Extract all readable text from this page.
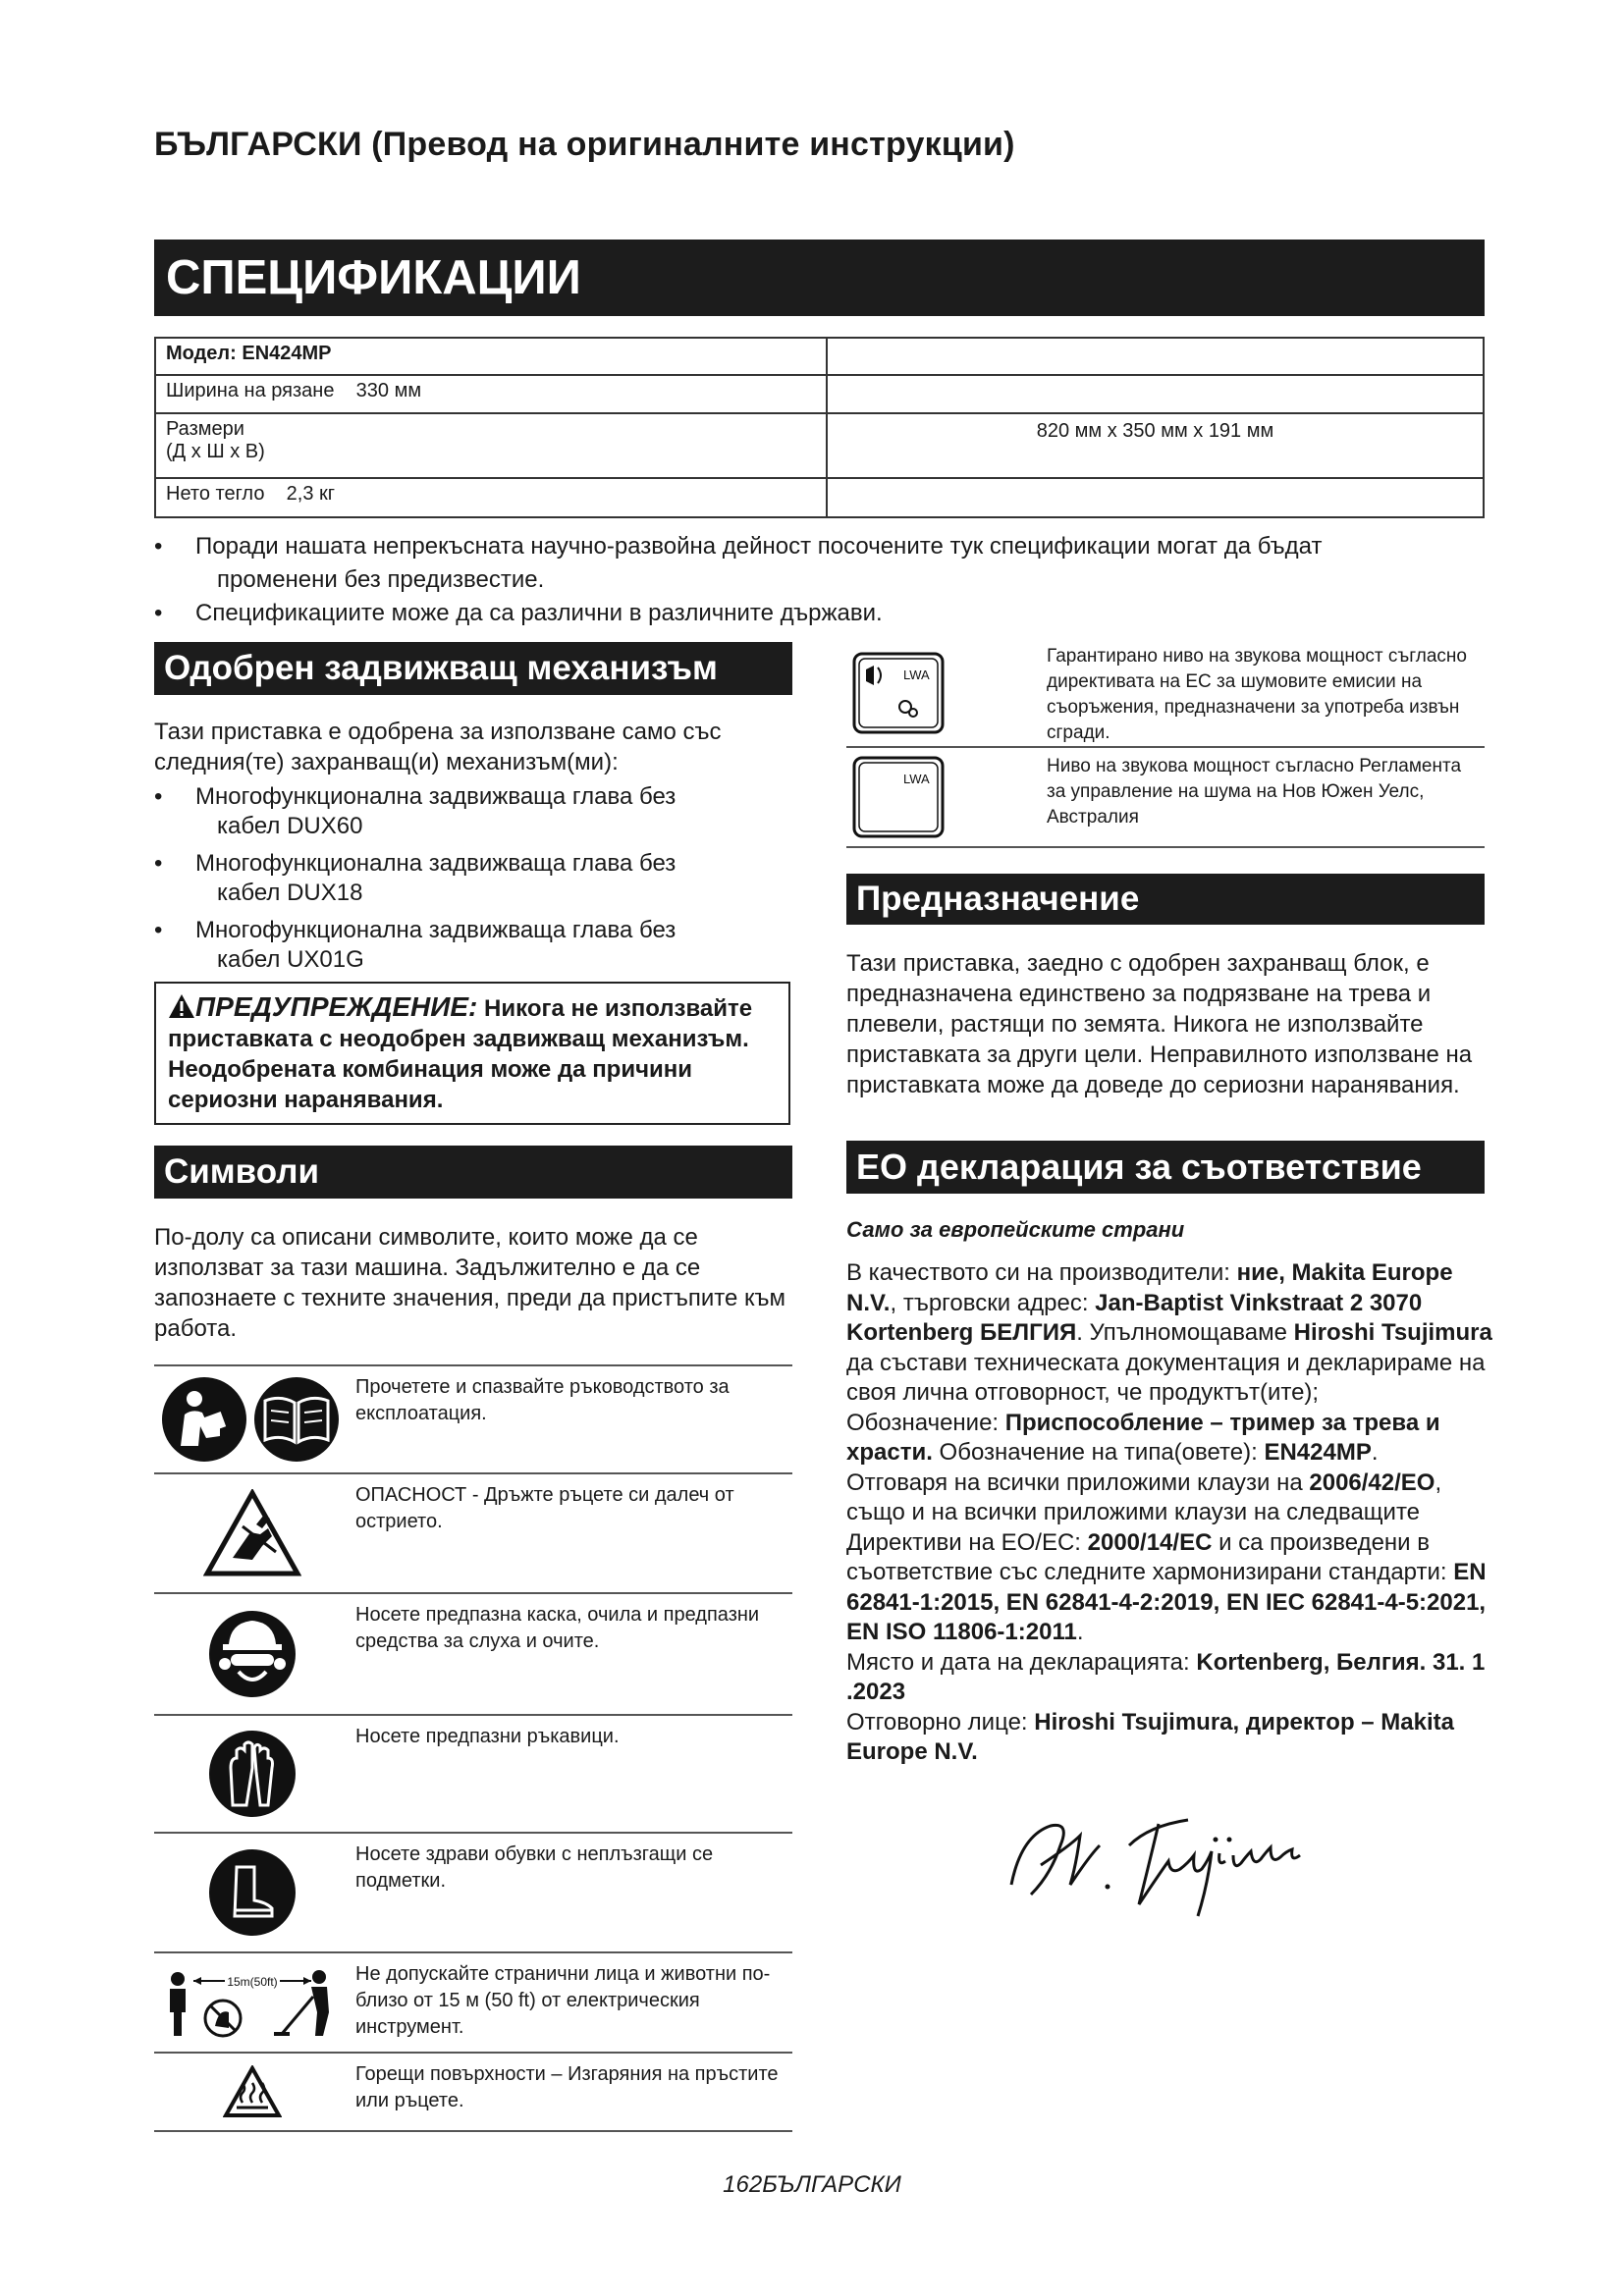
БЪЛГАРСКИ (Превод на оригиналните инструкции)
СПЕЦИФИКАЦИИ
Модел: EN424MP	
Ширина на рязане    330 мм	

Размери
(Д x Ш x В)	820 мм x 350 мм x 191 мм
Нето тегло    2,3 кг	
• Поради нашата непрекъсната научно-развойна дейност посочените тук спецификации могат да бъдат
променени без предизвестие.
• Спецификациите може да са различни в различните държави.
Одобрен задвижващ механизъм
Тази приставка е одобрена за използване само със следния(те) захранващ(и) механизъм(ми):
• Многофункционална задвижваща глава без
кабел DUX60
• Многофункционална задвижваща глава без
кабел DUX18
• Многофункционална задвижваща глава без
кабел UX01G
ПРЕДУПРЕЖДЕНИЕ: Никога не използвайте приставката с неодобрен задвижващ механизъм. Неодобрената комбинация може да причини сериозни наранявания.
Символи
По-долу са описани символите, които може да се използват за тази машина. Задължително е да се запознаете с техните значения, преди да пристъпите към работа.
Прочетете и спазвайте ръководството за експлоатация.
ОПАСНОСТ - Дръжте ръцете си далеч от острието.
Носете предпазна каска, очила и предпазни средства за слуха и очите.
Носете предпазни ръкавици.
Носете здрави обувки с неплъзгащи се подметки.
15m(50ft)	Не допускайте странични лица и животни по-близо от 15 м (50 ft) от електрическия инструмент.
Горещи повърхности – Изгаряния на пръстите или ръцете.
LWA
Гарантирано ниво на звукова мощност съгласно директивата на ЕС за шумовите емисии на съоръжения, предназначени за употреба извън сгради.
LWA
Ниво на звукова мощност съгласно Регламента за управление на шума на Нов Южен Уелс, Австралия
Предназначение
Тази приставка, заедно с одобрен захранващ блок, е предназначена единствено за подрязване на трева и плевели, растящи по земята. Никога не използвайте приставката за други цели. Неправилното използване на приставката може да доведе до сериозни наранявания.
ЕО декларация за съответствие
Само за европейските страни
В качеството си на производители: ние, Makita Europe N.V., търговски адрес: Jan-Baptist Vinkstraat 2 3070 Kortenberg БЕЛГИЯ. Упълномощаваме Hiroshi Tsujimura да състави техническата документация и декларираме на своя лична отговорност, че продуктът(ите);
Обозначение: Приспособление – тример за трева и храсти. Обозначение на типа(овете): EN424MP.
Отговаря на всички приложими клаузи на 2006/42/ЕО, също и на всички приложими клаузи на следващите Директиви на ЕО/ЕС: 2000/14/ЕС и са произведени в съответствие със следните хармонизирани стандарти: EN 62841-1:2015, EN 62841-4-2:2019, EN IEC 62841-4-5:2021, EN ISO 11806-1:2011.
Място и дата на декларацията: Kortenberg, Белгия. 31. 1 .2023
Отговорно лице: Hiroshi Tsujimura, директор – Makita Europe N.V.
162БЪЛГАРСКИ
